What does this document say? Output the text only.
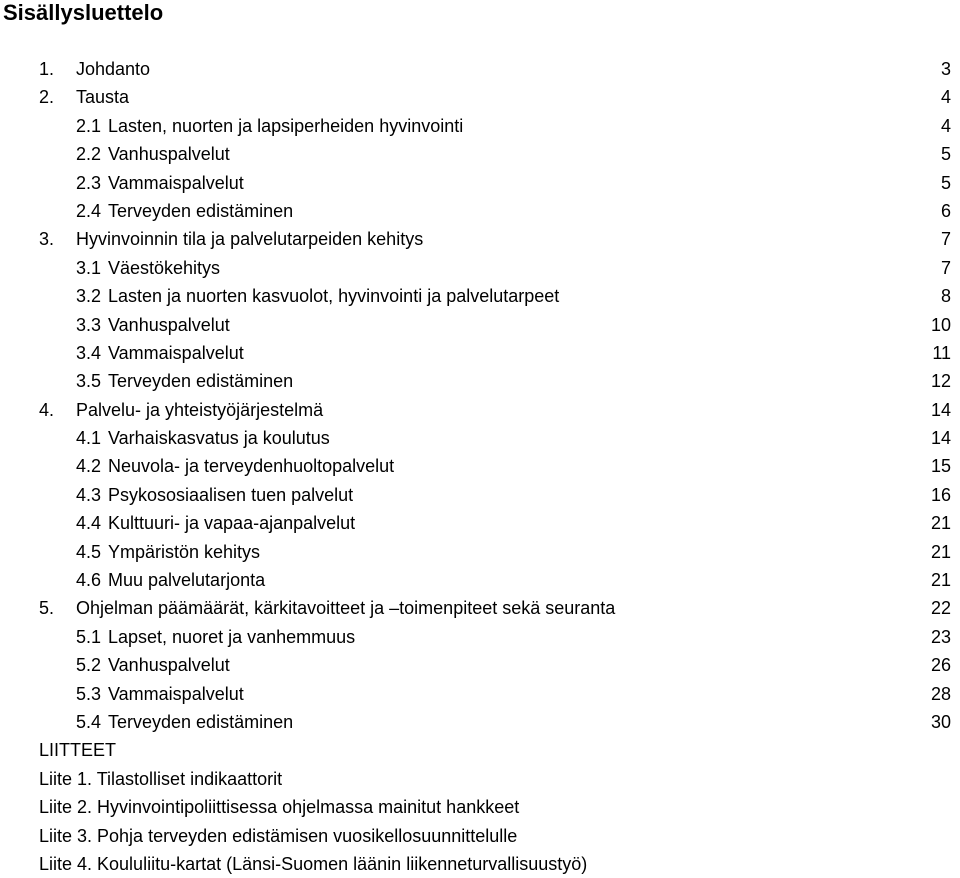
Sisällysluettelo
1. Johdanto	3
2. Tausta	4
2.1 Lasten, nuorten ja lapsiperheiden hyvinvointi	4
2.2 Vanhuspalvelut	5
2.3 Vammaispalvelut	5
2.4 Terveyden edistäminen	6
3. Hyvinvoinnin tila ja palvelutarpeiden kehitys	7
3.1 Väestökehitys	7
3.2 Lasten ja nuorten kasvuolot, hyvinvointi ja palvelutarpeet	8
3.3 Vanhuspalvelut	10
3.4 Vammaispalvelut	11
3.5 Terveyden edistäminen	12
4. Palvelu- ja yhteistyöjärjestelmä	14
4.1 Varhaiskasvatus ja koulutus	14
4.2 Neuvola- ja terveydenhuoltopalvelut	15
4.3 Psykososiaalisen tuen palvelut	16
4.4 Kulttuuri- ja vapaa-ajanpalvelut	21
4.5 Ympäristön kehitys	21
4.6 Muu palvelutarjonta	21
5. Ohjelman päämäärät, kärkitavoitteet ja –toimenpiteet sekä seuranta	22
5.1 Lapset, nuoret ja vanhemmuus	23
5.2 Vanhuspalvelut	26
5.3 Vammaispalvelut	28
5.4 Terveyden edistäminen	30
LIITTEET
Liite 1. Tilastolliset indikaattorit
Liite 2. Hyvinvointipoliittisessa ohjelmassa mainitut hankkeet
Liite 3. Pohja terveyden edistämisen vuosikellosuunnittelulle
Liite 4. Koululiitu-kartat (Länsi-Suomen läänin liikenneturvallisuustyö)
